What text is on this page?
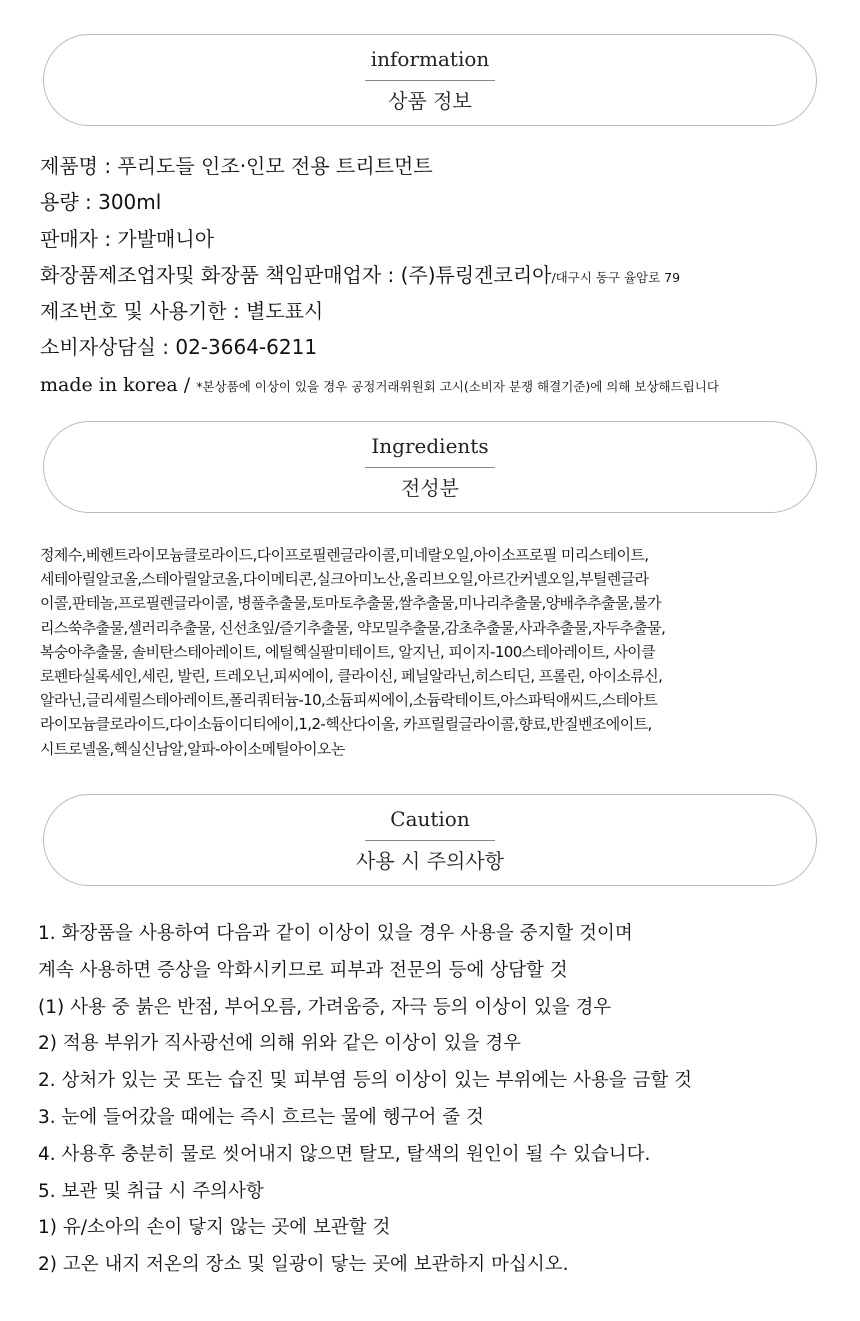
information
상품 정보
제품명 : 푸리도들 인조·인모 전용 트리트먼트
용량 : 300ml
판매자 : 가발매니아
화장품제조업자및 화장품 책임판매업자 : (주)튜링겐코리아/대구시 동구 율암로 79
제조번호 및 사용기한 : 별도표시
소비자상담실 : 02-3664-6211
made in korea / *본상품에 이상이 있을 경우 공정거래위원회 고시(소비자 분쟁 해결기준)에 의해 보상해드립니다
Ingredients
전성분
정제수,베헨트라이모늄클로라이드,다이프로필렌글라이콜,미네랄오일,아이소프로필 미리스테이트,
세테아릴알코올,스테아릴알코올,다이메티콘,실크아미노산,올리브오일,아르간커넬오일,부틸렌글라
이콜,판테놀,프로필렌글라이콜, 병풀추출물,토마토추출물,쌀추출물,미나리추출물,양배추추출물,불가
리스쑥추출물,셀러리추출물, 신선초잎/즐기추출물, 약모밀추출물,감초추출물,사과추출물,자두추출물,
복숭아추출물, 솔비탄스테아레이트, 에틸헥실팔미테이트, 알지닌, 피이지-100스테아레이트, 사이클
로펜타실록세인,세린, 발린, 트레오닌,피씨에이, 클라이신, 페닐알라닌,히스티딘, 프롤린, 아이소류신,
알라닌,글리세릴스테아레이트,폴리쿼터늄-10,소듐피씨에이,소듐락테이트,아스파틱애씨드,스테아트
라이모늄클로라이드,다이소듐이디티에이,1,2-헥산다이올, 카프릴릴글라이콜,향료,반질벤조에이트,
시트로넬올,헥실신남알,알파-아이소메틸아이오논
Caution
사용 시 주의사항
1. 화장품을 사용하여 다음과 같이 이상이 있을 경우 사용을 중지할 것이며
계속 사용하면 증상을 악화시키므로 피부과 전문의 등에 상담할 것
(1) 사용 중 붉은 반점, 부어오름, 가려움증, 자극 등의 이상이 있을 경우
2) 적용 부위가 직사광선에 의해 위와 같은 이상이 있을 경우
2. 상처가 있는 곳 또는 습진 및 피부염 등의 이상이 있는 부위에는 사용을 금할 것
3. 눈에 들어갔을 때에는 즉시 흐르는 물에 헹구어 줄 것
4. 사용후 충분히 물로 씻어내지 않으면 탈모, 탈색의 원인이 될 수 있습니다.
5. 보관 및 취급 시 주의사항
1) 유/소아의 손이 닿지 않는 곳에 보관할 것
2) 고온 내지 저온의 장소 및 일광이 닿는 곳에 보관하지 마십시오.
